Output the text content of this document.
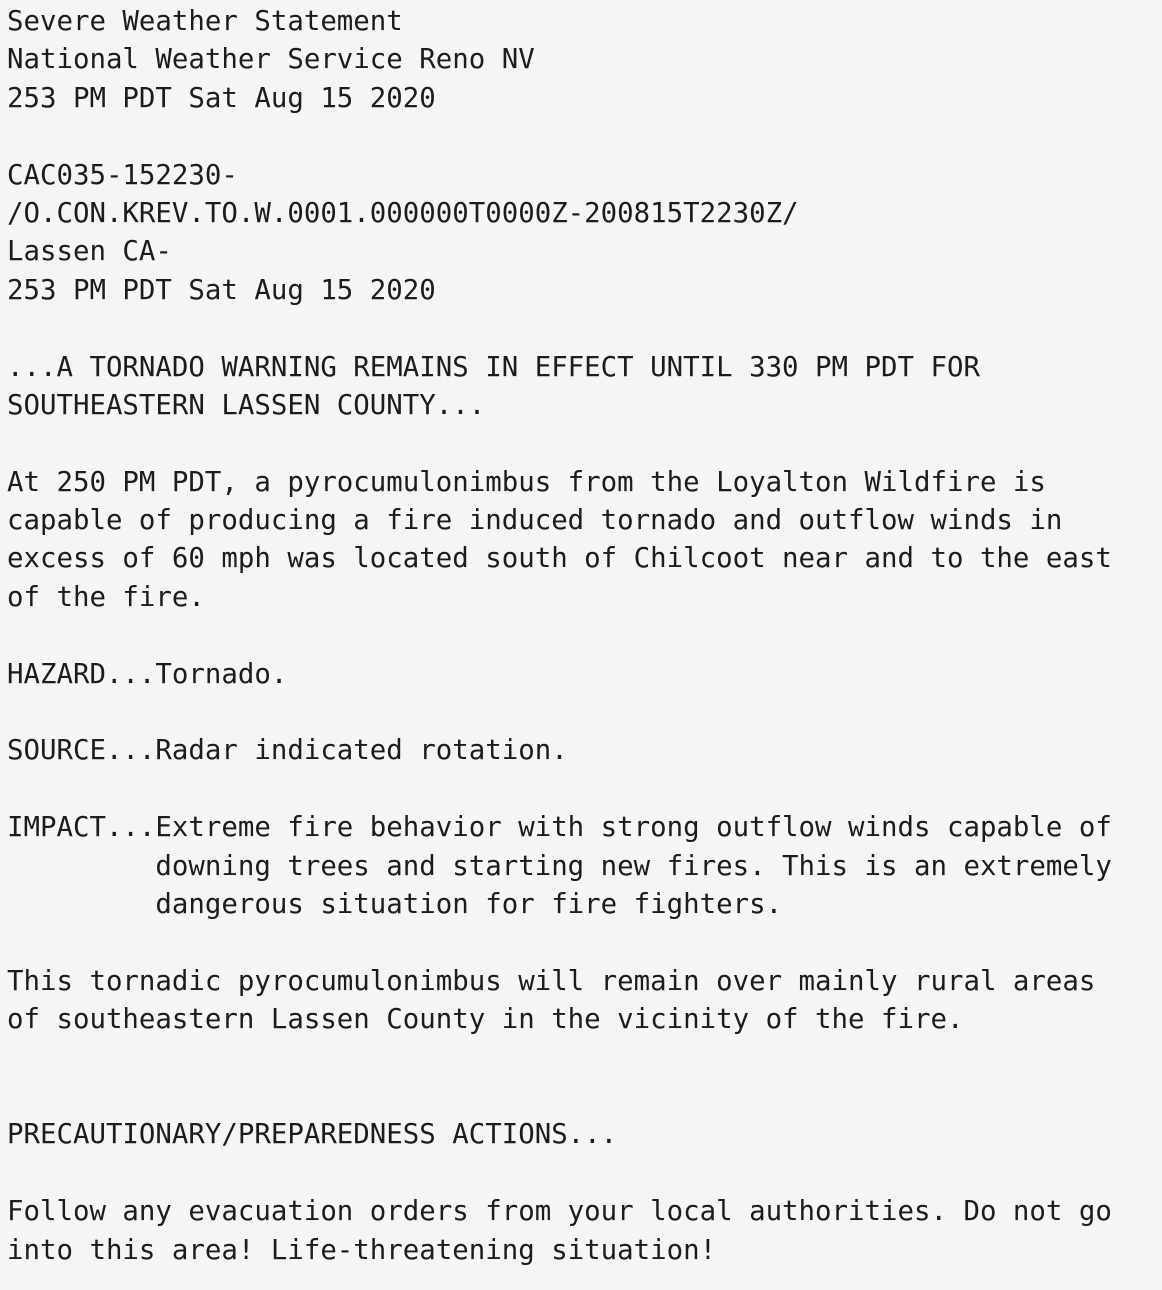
Severe Weather Statement
National Weather Service Reno NV
253 PM PDT Sat Aug 15 2020
CAC035-152230-
/O.CON.KREV.TO.W.0001.000000T0000Z-200815T2230Z/
Lassen CA-
253 PM PDT Sat Aug 15 2020
...A TORNADO WARNING REMAINS IN EFFECT UNTIL 330 PM PDT FOR
SOUTHEASTERN LASSEN COUNTY...
At 250 PM PDT, a pyrocumulonimbus from the Loyalton Wildfire is
capable of producing a fire induced tornado and outflow winds in
excess of 60 mph was located south of Chilcoot near and to the east
of the fire.
HAZARD...Tornado.
SOURCE...Radar indicated rotation.
IMPACT...Extreme fire behavior with strong outflow winds capable of
downing trees and starting new fires. This is an extremely
dangerous situation for fire fighters.
This tornadic pyrocumulonimbus will remain over mainly rural areas
of southeastern Lassen County in the vicinity of the fire.
PRECAUTIONARY/PREPAREDNESS ACTIONS...
Follow any evacuation orders from your local authorities. Do not go
into this area! Life-threatening situation!
